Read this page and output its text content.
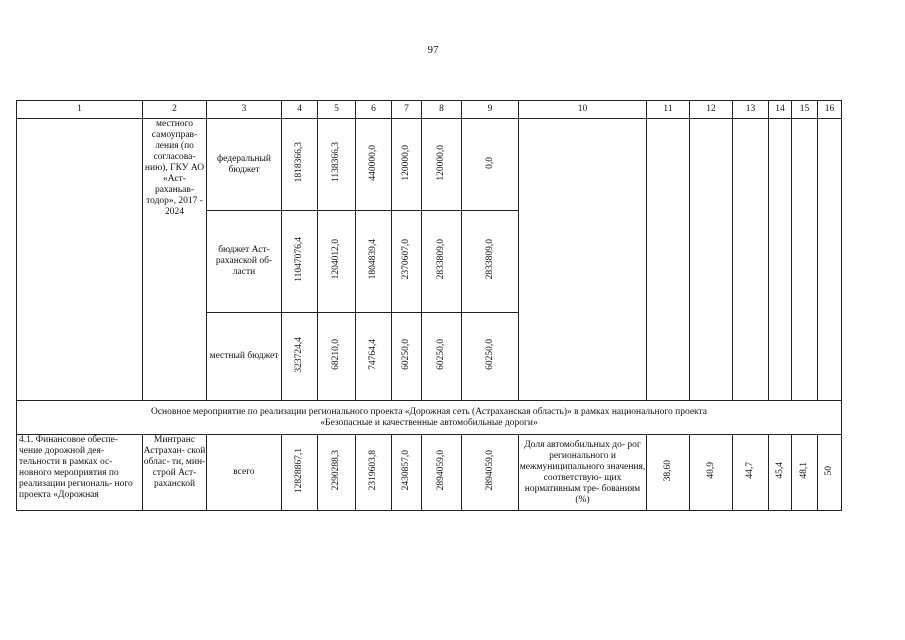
97
1	2	3	4	5	6	7	8	9	10	11	12	13	14	15	16
	местного самоуправ- ления (по согласова- нию), ГКУ АО «Аст- раханьав- тодор», 2017 - 2024	федеральный бюджет	1818366,3	1138366,3	440000,0	120000,0	120000,0	0,0							
		бюджет Аст- раханской об- ласти	11047076,4	1204012,0	1804839,4	2370607,0	2833809,0	2833809,0							
		местный бюджет	323724,4	68210,0	74764,4	60250,0	60250,0	60250,0							

Основное мероприятие по реализации регионального проекта «Дорожная сеть (Астраханская область)» в рамках национального проекта
«Безопасные и качественные автомобильные дороги»															

4.1. Финансовое обеспе- чение дорожной дея- тельности в рамках ос- новного мероприятия по реализации региональ- ного проекта «Дорожная	Минтранс Астрахан- ской облас- ти, мин- строй Аст- раханской	всего	12828867,1	2290288,3	2319603,8	2430857,0	2894059,0	2894059,0	Доля автомобильных до- рог регионального и межмуниципального значения, соответствую- щих нормативным тре- бованиям (%)	38,60	40,9	44,7	45,4	48,1	50
